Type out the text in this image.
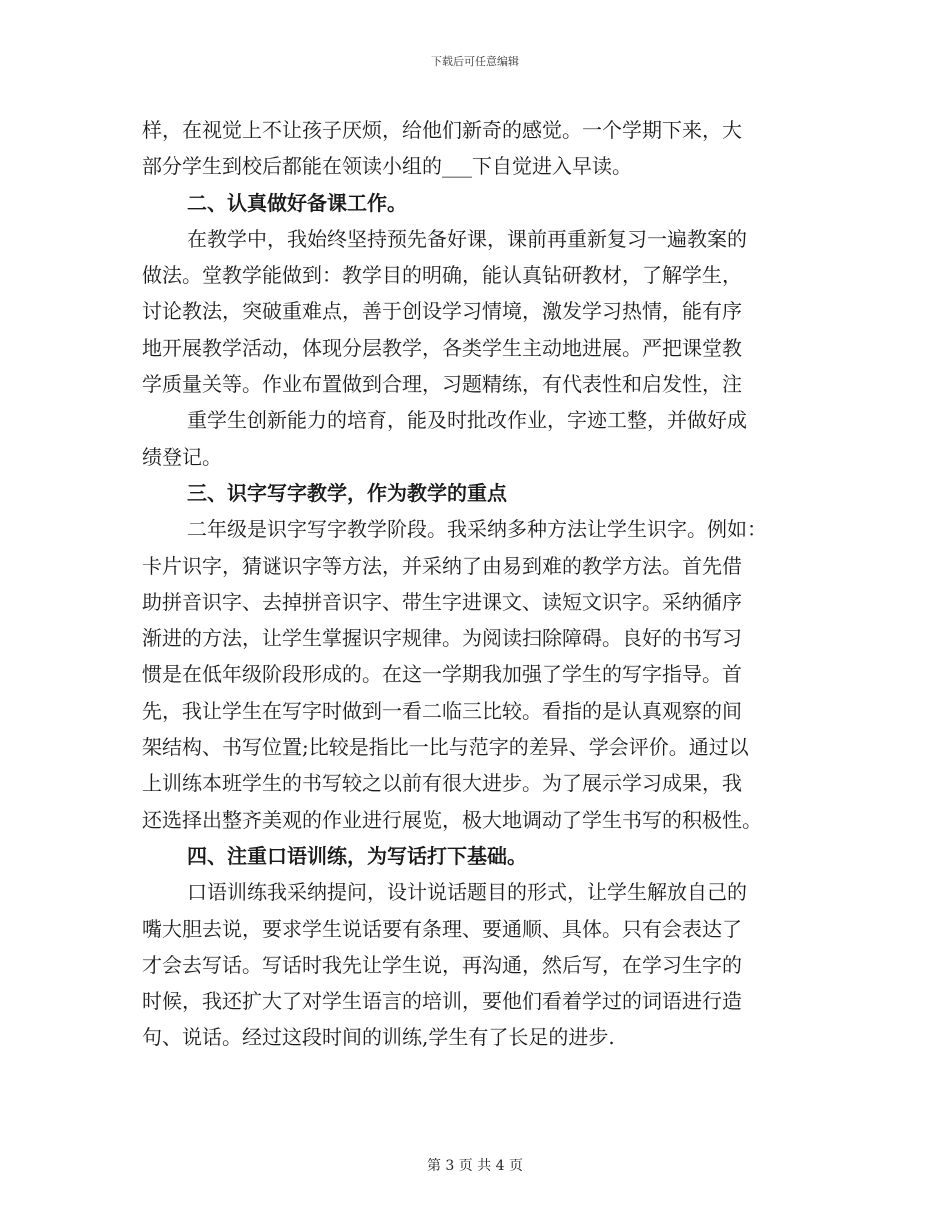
下载后可任意编辑
样，在视觉上不让孩子厌烦，给他们新奇的感觉。一个学期下来，大
部分学生到校后都能在领读小组的___下自觉进入早读。
二、认真做好备课工作。
在教学中，我始终坚持预先备好课，课前再重新复习一遍教案的
做法。堂教学能做到：教学目的明确，能认真钻研教材，了解学生，
讨论教法，突破重难点，善于创设学习情境，激发学习热情，能有序
地开展教学活动，体现分层教学，各类学生主动地进展。严把课堂教
学质量关等。作业布置做到合理，习题精练，有代表性和启发性，注
重学生创新能力的培育，能及时批改作业，字迹工整，并做好成
绩登记。
三、识字写字教学，作为教学的重点
二年级是识字写字教学阶段。我采纳多种方法让学生识字。例如：
卡片识字，猜谜识字等方法，并采纳了由易到难的教学方法。首先借
助拼音识字、去掉拼音识字、带生字进课文、读短文识字。采纳循序
渐进的方法，让学生掌握识字规律。为阅读扫除障碍。良好的书写习
惯是在低年级阶段形成的。在这一学期我加强了学生的写字指导。首
先，我让学生在写字时做到一看二临三比较。看指的是认真观察的间
架结构、书写位置;比较是指比一比与范字的差异、学会评价。通过以
上训练本班学生的书写较之以前有很大进步。为了展示学习成果，我
还选择出整齐美观的作业进行展览，极大地调动了学生书写的积极性。
四、注重口语训练，为写话打下基础。
口语训练我采纳提问，设计说话题目的形式，让学生解放自己的
嘴大胆去说，要求学生说话要有条理、要通顺、具体。只有会表达了
才会去写话。写话时我先让学生说，再沟通，然后写，在学习生字的
时候，我还扩大了对学生语言的培训，要他们看着学过的词语进行造
句、说话。经过这段时间的训练,学生有了长足的进步.
第 3 页 共 4 页
